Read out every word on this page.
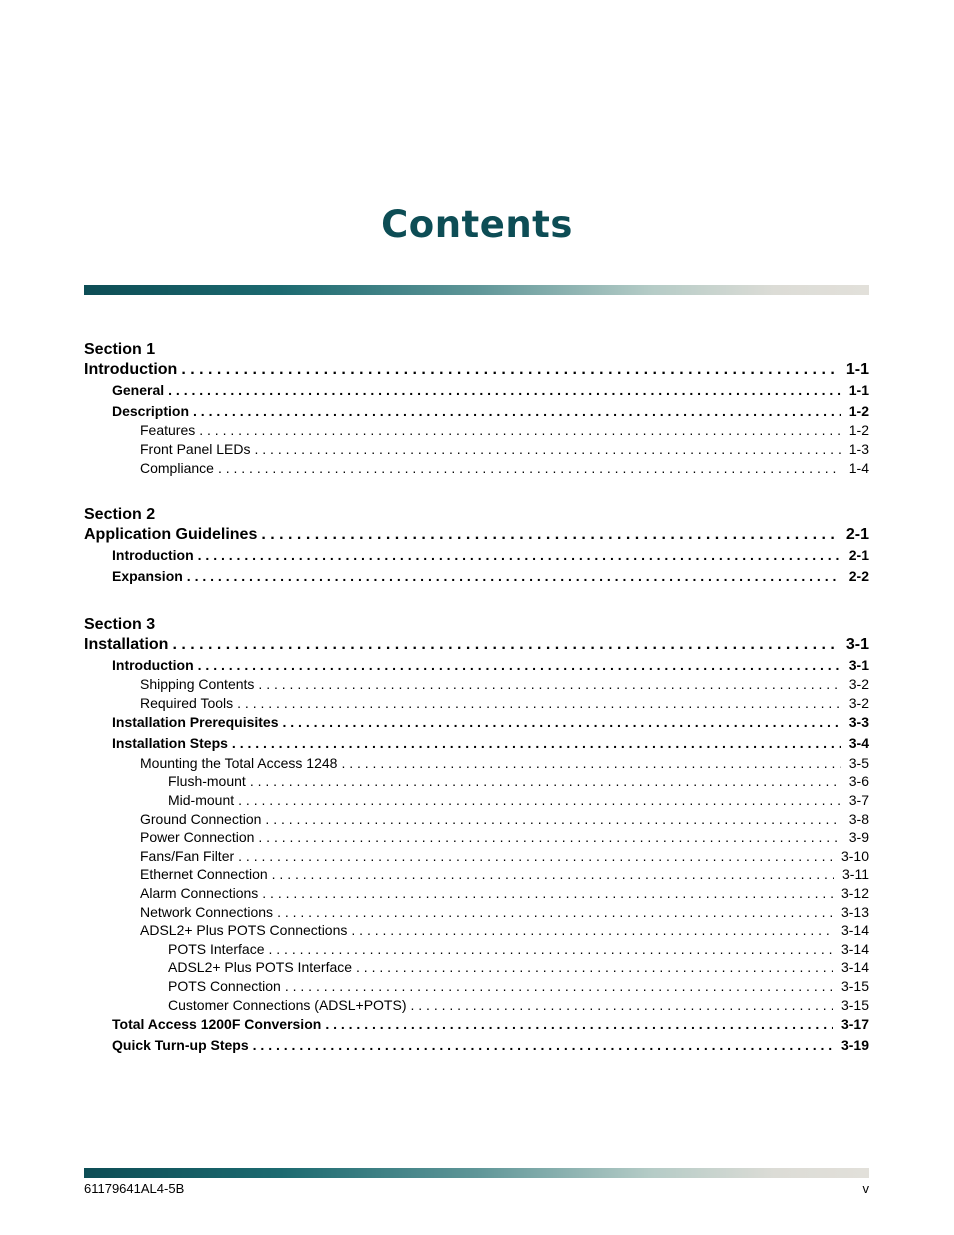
Contents
Section 1
Introduction . . .	1-1
General . . .	1-1
Description . . .	1-2
Features . . .	1-2
Front Panel LEDs . . .	1-3
Compliance . . .	1-4
Section 2
Application Guidelines . . .	2-1
Introduction . . .	2-1
Expansion . . .	2-2
Section 3
Installation . . .	3-1
Introduction . . .	3-1
Shipping Contents . . .	3-2
Required Tools . . .	3-2
Installation Prerequisites . . .	3-3
Installation Steps . . .	3-4
Mounting the Total Access 1248 . . .	3-5
Flush-mount . . .	3-6
Mid-mount . . .	3-7
Ground Connection . . .	3-8
Power Connection . . .	3-9
Fans/Fan Filter . . .	3-10
Ethernet Connection . . .	3-11
Alarm Connections . . .	3-12
Network Connections . . .	3-13
ADSL2+ Plus POTS Connections . . .	3-14
POTS Interface . . .	3-14
ADSL2+ Plus POTS Interface . . .	3-14
POTS Connection . . .	3-15
Customer Connections (ADSL+POTS) . . .	3-15
Total Access 1200F Conversion . . .	3-17
Quick Turn-up Steps . . .	3-19
61179641AL4-5B	v
